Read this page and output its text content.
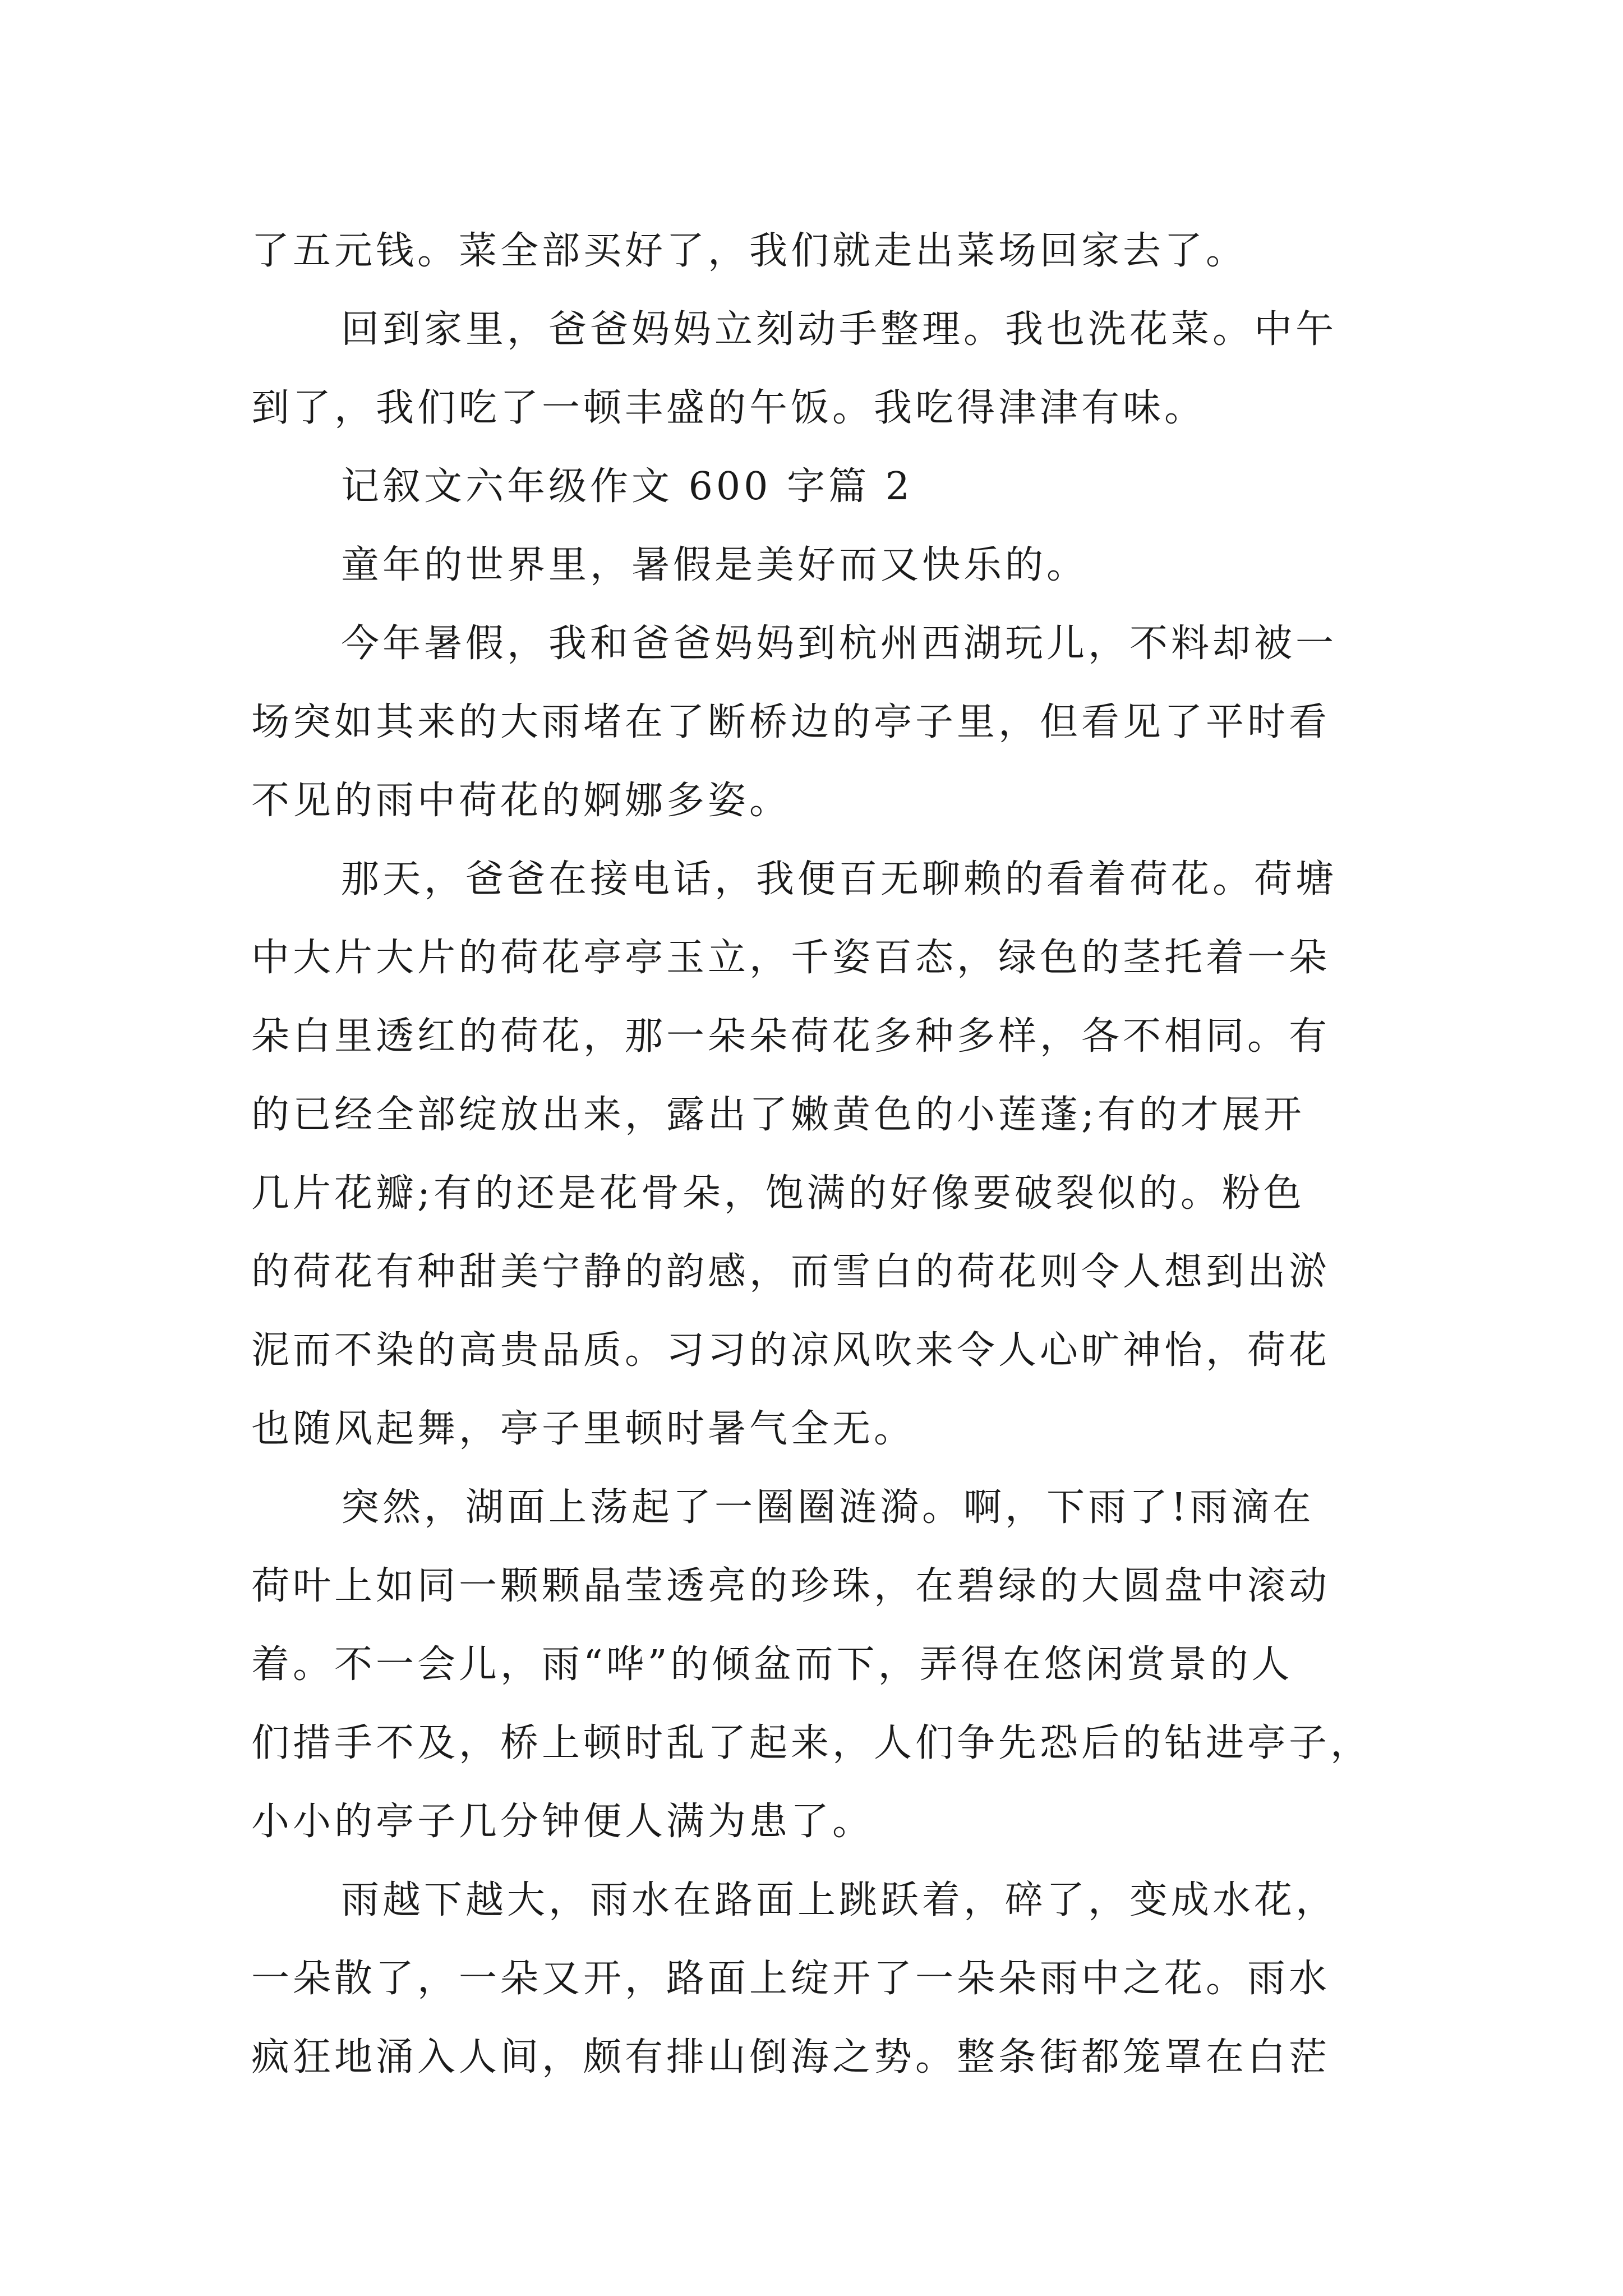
了五元钱。菜全部买好了，我们就走出菜场回家去了。
回到家里，爸爸妈妈立刻动手整理。我也洗花菜。中午
到了，我们吃了一顿丰盛的午饭。我吃得津津有味。
记叙文六年级作文 600 字篇 2
童年的世界里，暑假是美好而又快乐的。
今年暑假，我和爸爸妈妈到杭州西湖玩儿，不料却被一
场突如其来的大雨堵在了断桥边的亭子里，但看见了平时看
不见的雨中荷花的婀娜多姿。
那天，爸爸在接电话，我便百无聊赖的看着荷花。荷塘
中大片大片的荷花亭亭玉立，千姿百态，绿色的茎托着一朵
朵白里透红的荷花，那一朵朵荷花多种多样，各不相同。有
的已经全部绽放出来，露出了嫩黄色的小莲蓬;有的才展开
几片花瓣;有的还是花骨朵，饱满的好像要破裂似的。粉色
的荷花有种甜美宁静的韵感，而雪白的荷花则令人想到出淤
泥而不染的高贵品质。习习的凉风吹来令人心旷神怡，荷花
也随风起舞，亭子里顿时暑气全无。
突然，湖面上荡起了一圈圈涟漪。啊，下雨了!雨滴在
荷叶上如同一颗颗晶莹透亮的珍珠，在碧绿的大圆盘中滚动
着。不一会儿，雨“哗”的倾盆而下，弄得在悠闲赏景的人
们措手不及，桥上顿时乱了起来，人们争先恐后的钻进亭子，
小小的亭子几分钟便人满为患了。
雨越下越大，雨水在路面上跳跃着，碎了，变成水花，
一朵散了，一朵又开，路面上绽开了一朵朵雨中之花。雨水
疯狂地涌入人间，颇有排山倒海之势。整条街都笼罩在白茫
